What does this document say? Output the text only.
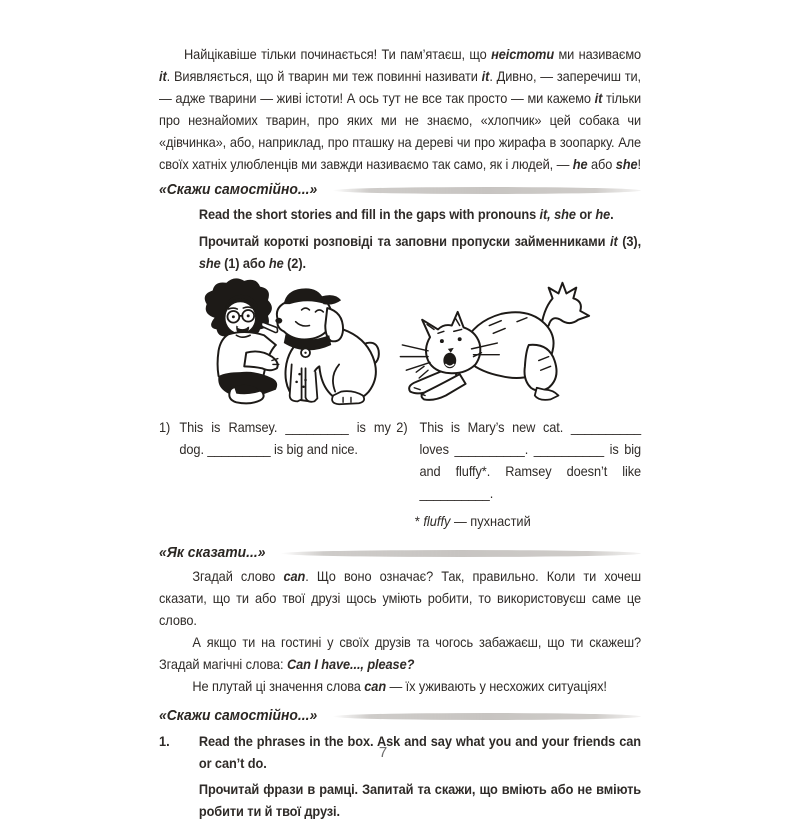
Найцікавіше тільки починається! Ти пам’ятаєш, що неістоти ми називаємо it. Виявляється, що й тварин ми теж повинні називати it. Дивно, — заперечиш ти, — адже тварини — живі істоти! А ось тут не все так просто — ми кажемо it тільки про незнайомих тварин, про яких ми не знаємо, «хлопчик» цей собака чи «дівчинка», або, наприклад, про пташку на дереві чи про жирафа в зоопарку. Але своїх хатніх улюбленців ми завжди називаємо так само, як і людей, — he або she!

«Скажи самостійно...»

Read the short stories and fill in the gaps with pronouns it, she or he.

Прочитай короткі розповіді та заповни пропуски займенниками it (3), she (1) або he (2).

1) This is Ramsey. _________ is my dog. _________ is big and nice.
2) This is Mary’s new cat. __________ loves __________. __________ is big and fluffy*. Ramsey doesn’t like __________.

* fluffy — пухнастий

«Як сказати...»

Згадай слово can. Що воно означає? Так, правильно. Коли ти хочеш сказати, що ти або твої друзі щось уміють робити, то використовуєш саме це слово.

А якщо ти на гостині у своїх друзів та чогось забажаєш, що ти скажеш? Згадай магічні слова: Can I have..., please?

Не плутай ці значення слова can — їх уживають у несхожих ситуаціях!

«Скажи самостійно...»
1.	Read the phrases in the box. Ask and say what you and your friends can or can’t do.

Прочитай фрази в рамці. Запитай та скажи, що вміють або не вміють робити ти й твої друзі.

7
